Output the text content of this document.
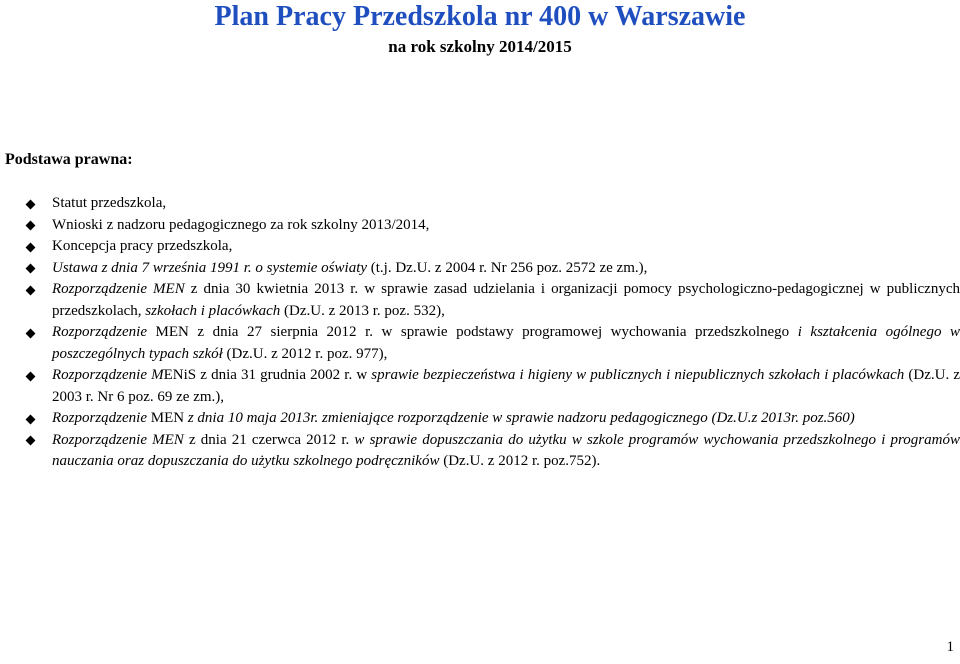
Plan Pracy Przedszkola nr 400 w Warszawie
na rok szkolny 2014/2015
Podstawa prawna:
Statut przedszkola,
Wnioski z nadzoru pedagogicznego za rok szkolny 2013/2014,
Koncepcja pracy przedszkola,
Ustawa z dnia 7 września 1991 r. o systemie oświaty (t.j. Dz.U. z 2004 r. Nr 256 poz. 2572 ze zm.),
Rozporządzenie MEN z dnia 30 kwietnia 2013 r. w sprawie zasad udzielania i organizacji pomocy psychologiczno-pedagogicznej w publicznych przedszkolach, szkołach i placówkach (Dz.U. z 2013 r. poz. 532),
Rozporządzenie MEN z dnia 27 sierpnia 2012 r. w sprawie podstawy programowej wychowania przedszkolnego i kształcenia ogólnego w poszczególnych typach szkół (Dz.U. z 2012 r. poz. 977),
Rozporządzenie MENiS z dnia 31 grudnia 2002 r. w sprawie bezpieczeństwa i higieny w publicznych i niepublicznych szkołach i placówkach (Dz.U. z 2003 r. Nr 6 poz. 69 ze zm.),
Rozporządzenie MEN z dnia 10 maja 2013r. zmieniające rozporządzenie w sprawie nadzoru pedagogicznego (Dz.U.z 2013r. poz.560)
Rozporządzenie MEN z dnia 21 czerwca 2012 r. w sprawie dopuszczania do użytku w szkole programów wychowania przedszkolnego i programów nauczania oraz dopuszczania do użytku szkolnego podręczników (Dz.U. z 2012 r. poz.752).
1
